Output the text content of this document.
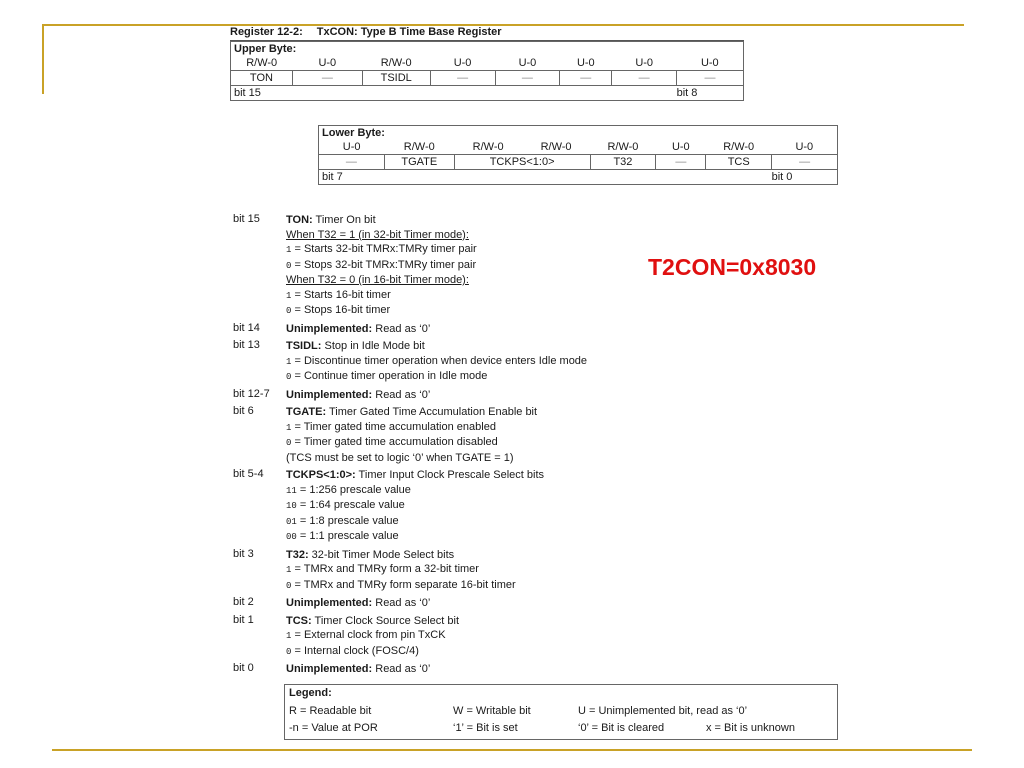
Register 12-2: TxCON: Type B Time Base Register
Upper Byte:							
R/W-0	U-0	R/W-0	U-0	U-0	U-0	U-0	U-0
TON	—	TSIDL	—	—	—	—	—
bit 15							bit 8
Lower Byte:							
U-0	R/W-0	R/W-0	R/W-0	R/W-0	U-0	R/W-0	U-0
—	TGATE	TCKPS<1:0>		T32	—	TCS	—
bit 7							bit 0
T2CON=0x8030
bit 15	TON: Timer On bit
When T32 = 1 (in 32-bit Timer mode):
1 = Starts 32-bit TMRx:TMRy timer pair
0 = Stops 32-bit TMRx:TMRy timer pair
When T32 = 0 (in 16-bit Timer mode):
1 = Starts 16-bit timer
0 = Stops 16-bit timer
bit 14	Unimplemented: Read as ‘0’
bit 13	TSIDL: Stop in Idle Mode bit
1 = Discontinue timer operation when device enters Idle mode
0 = Continue timer operation in Idle mode
bit 12-7	Unimplemented: Read as ‘0’
bit 6	TGATE: Timer Gated Time Accumulation Enable bit
1 = Timer gated time accumulation enabled
0 = Timer gated time accumulation disabled
(TCS must be set to logic ‘0’ when TGATE = 1)
bit 5-4	TCKPS<1:0>: Timer Input Clock Prescale Select bits
11 = 1:256 prescale value
10 = 1:64 prescale value
01 = 1:8 prescale value
00 = 1:1 prescale value
bit 3	T32: 32-bit Timer Mode Select bits
1 = TMRx and TMRy form a 32-bit timer
0 = TMRx and TMRy form separate 16-bit timer
bit 2	Unimplemented: Read as ‘0’
bit 1	TCS: Timer Clock Source Select bit
1 = External clock from pin TxCK
0 = Internal clock (FOSC/4)
bit 0	Unimplemented: Read as ‘0’
Legend:
R = Readable bit	W = Writable bit	U = Unimplemented bit, read as ‘0’
-n = Value at POR	‘1’ = Bit is set	‘0’ = Bit is cleared	x = Bit is unknown
